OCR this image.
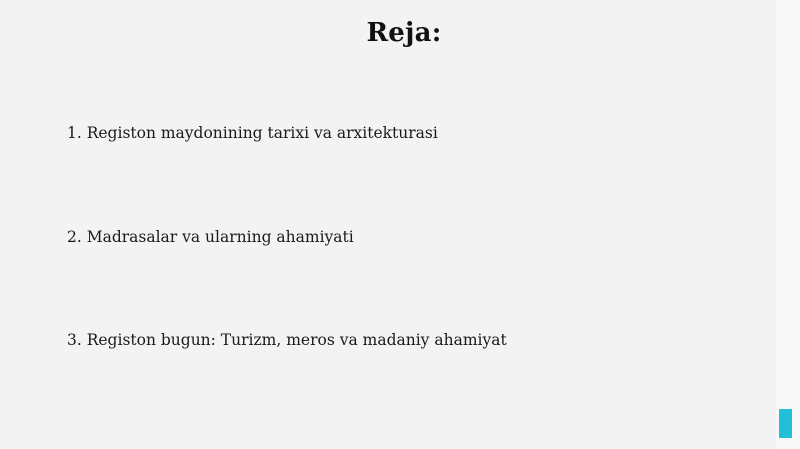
Reja:
1. Registon maydonining tarixi va arxitekturasi
2. Madrasalar va ularning ahamiyati
3. Registon bugun: Turizm, meros va madaniy ahamiyat
